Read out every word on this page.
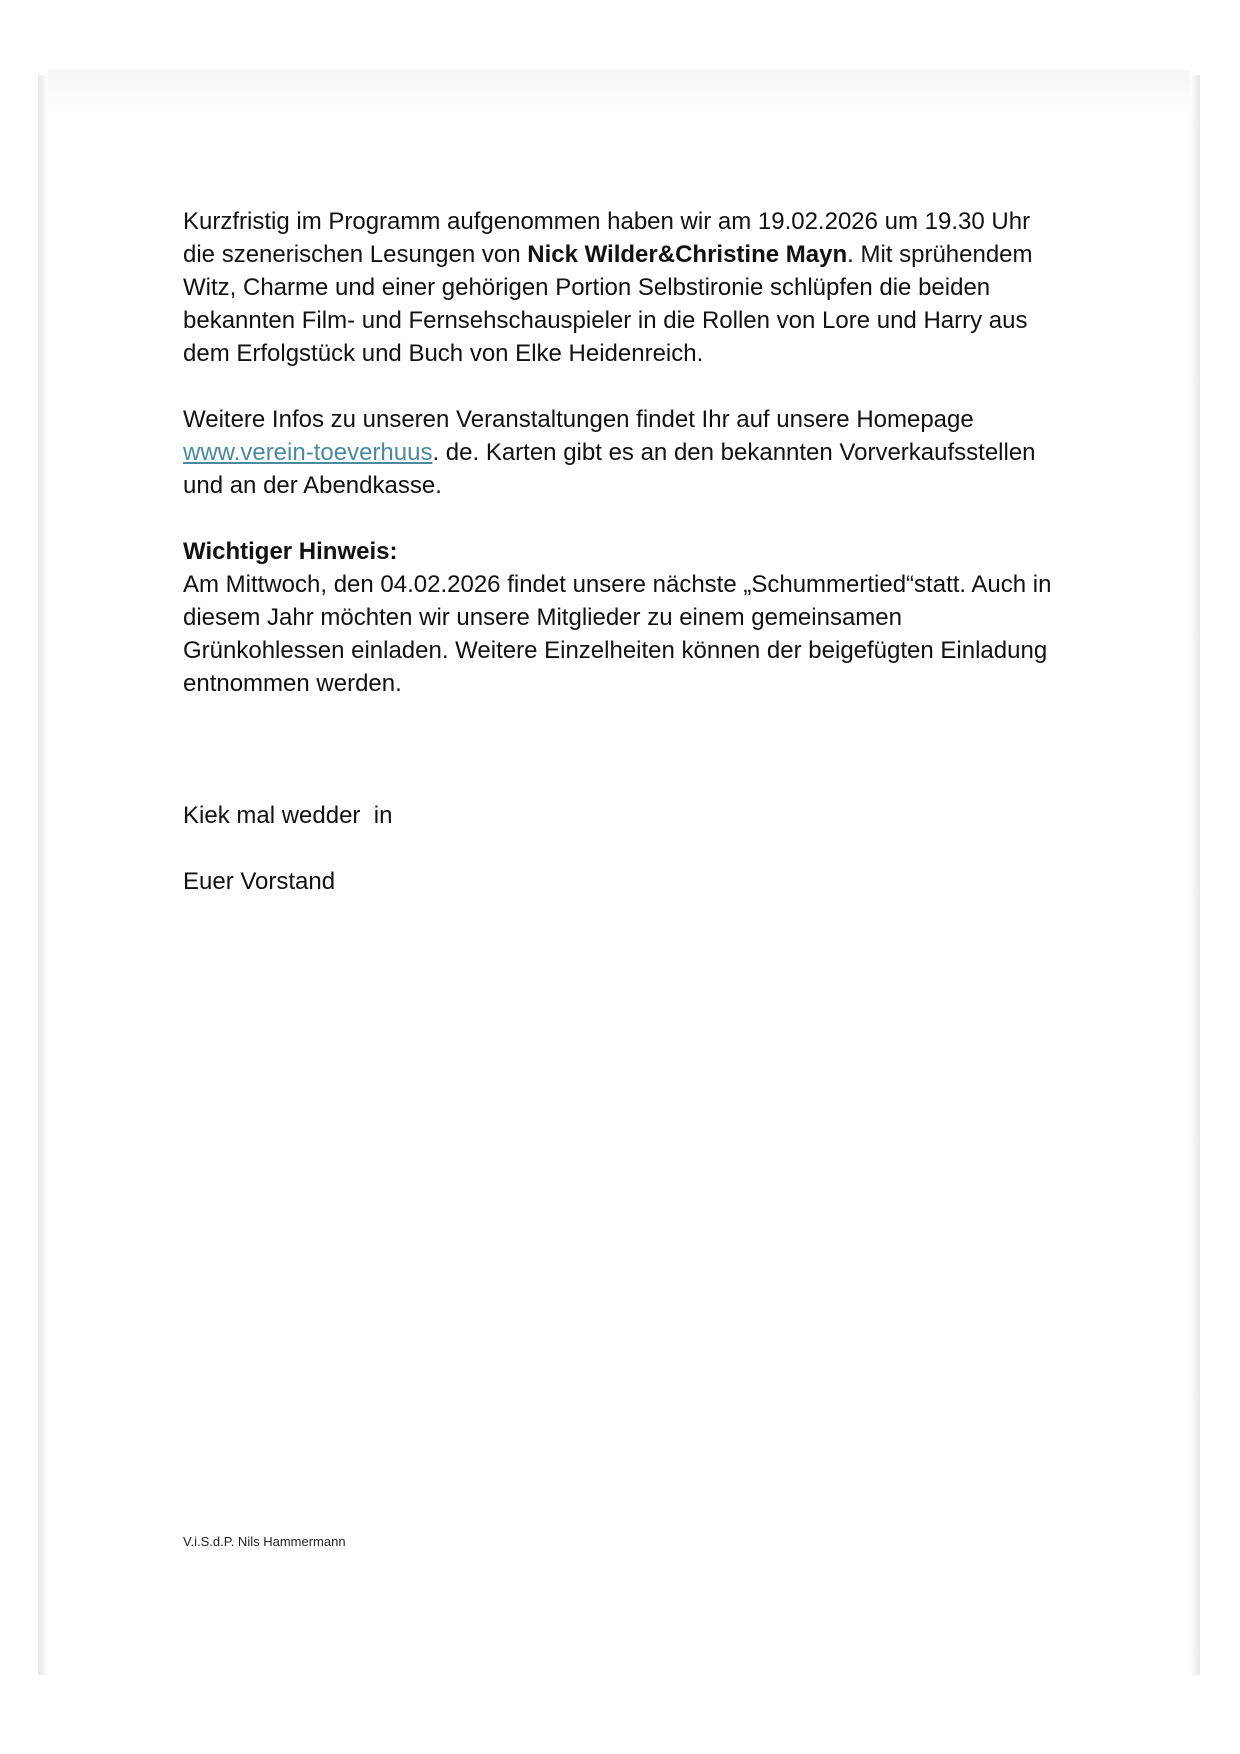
Kurzfristig im Programm aufgenommen haben wir am 19.02.2026 um 19.30 Uhr die szenerischen Lesungen von Nick Wilder&Christine Mayn. Mit sprühendem Witz, Charme und einer gehörigen Portion Selbstironie schlüpfen die beiden bekannten Film- und Fernsehschauspieler in die Rollen von Lore und Harry aus dem Erfolgstück und Buch von Elke Heidenreich.

Weitere Infos zu unseren Veranstaltungen findet Ihr auf unsere Homepage www.verein-toeverhuus. de. Karten gibt es an den bekannten Vorverkaufsstellen und an der Abendkasse.

Wichtiger Hinweis:

Am Mittwoch, den 04.02.2026 findet unsere nächste „Schummertied“statt. Auch in diesem Jahr möchten wir unsere Mitglieder zu einem gemeinsamen Grünkohlessen einladen. Weitere Einzelheiten können der beigefügten Einladung entnommen werden.

Kiek mal wedder  in

Euer Vorstand

V.i.S.d.P. Nils Hammermann
